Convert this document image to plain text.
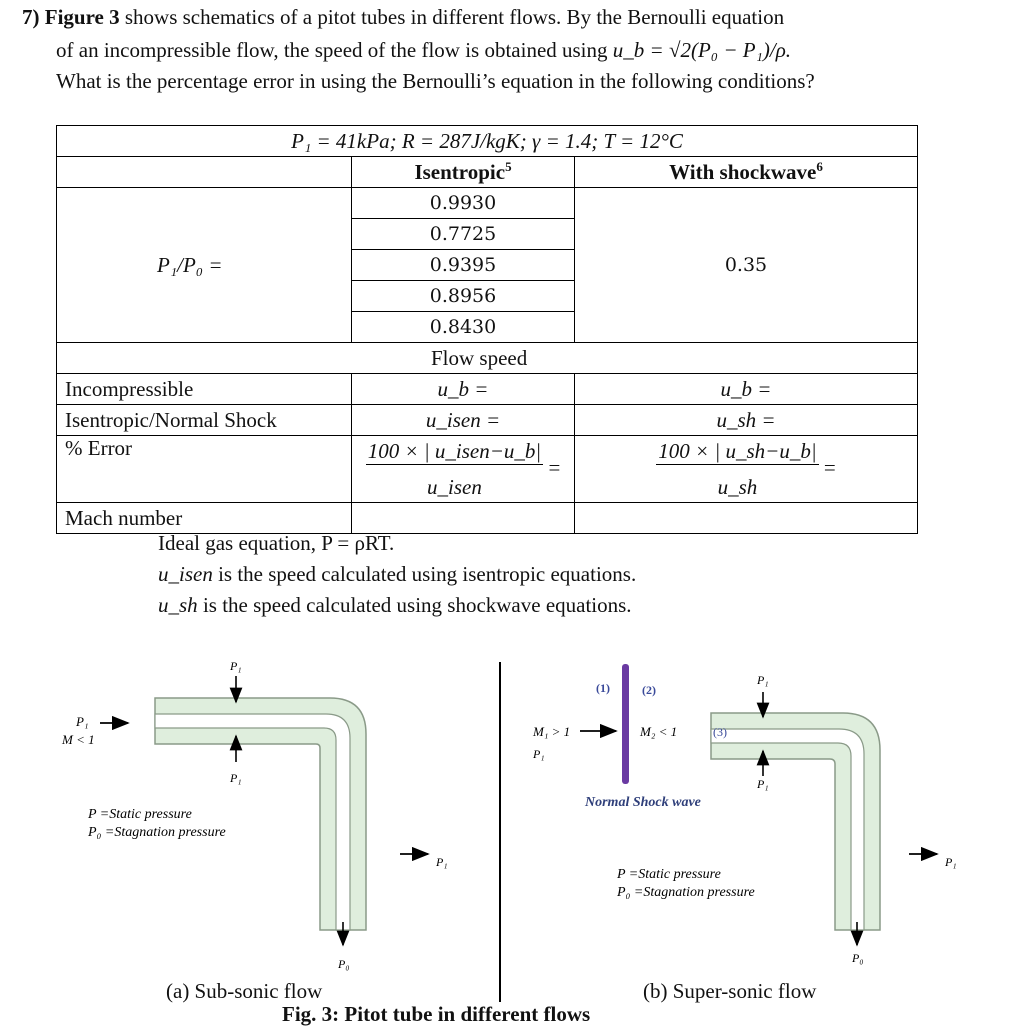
7) Figure 3 shows schematics of a pitot tubes in different flows. By the Bernoulli equation
of an incompressible flow, the speed of the flow is obtained using u_b = √2(P₀ − P₁)/ρ.
What is the percentage error in using the Bernoulli’s equation in the following conditions?
P₁ = 41kPa; R = 287J/kgK; γ = 1.4; T = 12°C		
	Isentropic$^5$	With shockwave$^6$
P₁/P₀ =	0.9930	0.35
	0.7725	
	0.9395	
	0.8956	
	0.8430	
Flow speed		
Incompressible	u_b =	u_b =
Isentropic/Normal Shock	u_isen =	u_sh =
% Error	$\frac{\text{100 × | u\_isen−u\_b|}}{\text{u\_isen}}$ =	$\frac{100 \times | u\_sh-u\_b|}{u\_sh}$ =
Mach number		
Ideal gas equation, P = ρRT.
u_isen is the speed calculated using isentropic equations.
u_sh is the speed calculated using shockwave equations.
P₁
P₁
M < 1
P₁
P =Static pressure
P₀ =Stagnation pressure
P₁
P₀
(1)	(2)
(3)
M₁ > 1
P₁
M₂ < 1
P₁
P₁
Normal Shock wave
P =Static pressure
P₀ =Stagnation pressure
P₁
P₀
(a) Sub-sonic flow	(b) Super-sonic flow
Fig. 3: Pitot tube in different flows
